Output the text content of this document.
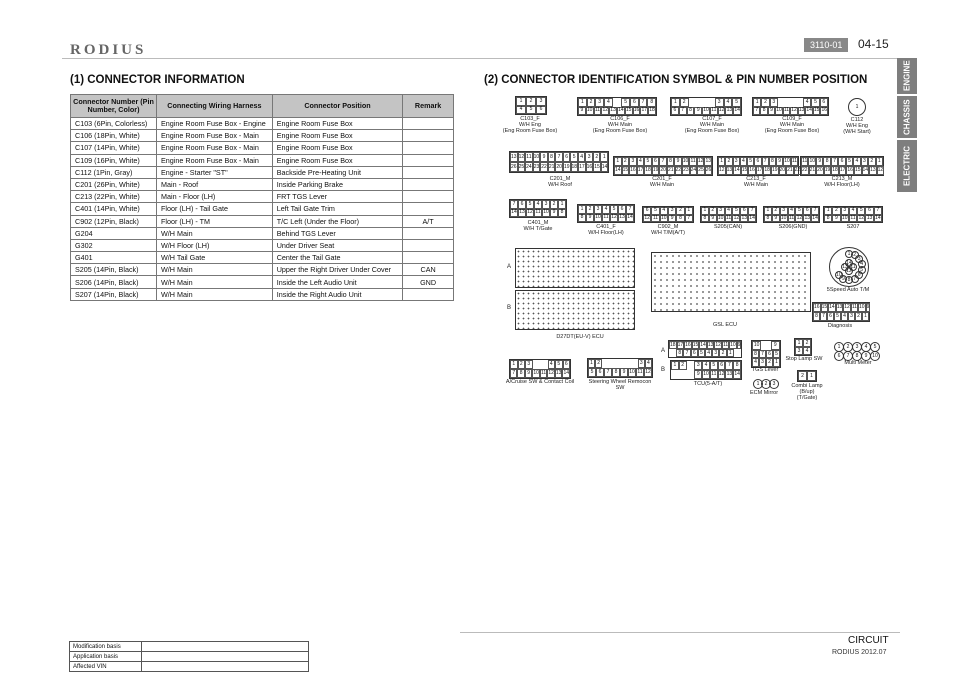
RODIUS	3110-01	04-15
ENGINE
CHASSIS
ELECTRIC
(1) CONNECTOR INFORMATION	(2) CONNECTOR IDENTIFICATION SYMBOL & PIN NUMBER POSITION
Connector Number (Pin Number, Color)	Connecting Wiring Harness	Connector Position	Remark
C103 (6Pin, Colorless)	Engine Room Fuse Box - Engine	Engine Room Fuse Box	
C106 (18Pin, White)	Engine Room Fuse Box - Main	Engine Room Fuse Box	
C107 (14Pin, White)	Engine Room Fuse Box - Main	Engine Room Fuse Box	
C109 (16Pin, White)	Engine Room Fuse Box - Main	Engine Room Fuse Box	
C112 (1Pin, Gray)	Engine - Starter "ST"	Backside Pre-Heating Unit	
C201 (26Pin, White)	Main - Roof	Inside Parking Brake	
C213 (22Pin, White)	Main - Floor (LH)	FRT TGS Lever	
C401 (14Pin, White)	Floor (LH) - Tail Gate	Left Tail Gate Trim	
C902 (12Pin, Black)	Floor (LH) - TM	T/C Left (Under the Floor)	A/T
G204	W/H Main	Behind TGS Lever	
G302	W/H Floor (LH)	Under Driver Seat	
G401	W/H Tail Gate	Center the Tail Gate	
S205 (14Pin, Black)	W/H Main	Upper the Right Driver Under Cover	CAN
S206 (14Pin, Black)	W/H Main	Inside the Left Audio Unit	GND
S207 (14Pin, Black)	W/H Main	Inside the Right Audio Unit	
1	2	3
4	5	6
C103_F
W/H Eng
(Eng Room Fuse Box)
1	2	3	4	5	6	7	8
9 10 11 12 13 14 15 16 17 18
C106_F
W/H Main
(Eng Room Fuse Box)
1	2	3	4	5
6	7	8	9 10 11 12 13 14
C107_F
W/H Main
(Eng Room Fuse Box)
1	2	3	4	5	6
7 8 9 10 11 12 13 14 15 16
C109_F
W/H Main
(Eng Room Fuse Box)
1
C112
W/H Eng
(W/H Start)
13 12 11 10 9 8 7 6 5 4 3 2 1
26 25 24 23 22 21 20 19 18 17 16 15 14
C201_M
W/H Roof
1 2 3 4 5 6 7 8 9 10 11 12 13
14 15 16 17 18 19 20 21 22 23 24 25 26
C201_F
W/H Main
1 2 3 4 5 6 7 8 9 10 11
12 13 14 15 16 17 18 19 20 21 22
C213_F
W/H Main
11 10 9 8 7 6 5 4 3 2 1
22 21 20 19 18 17 16 15 14 13 12
C213_M
W/H Floor(LH)
7	6	5	4	3	2	1
14 13 12 11 10 9	8
C401_M
W/H T/Gate
1	2	3	4	5	6	7
8	9 10 11 12 13 14
C401_F
W/H Floor(LH)
6	5	4	3	2	1
12 11 10 9	8	7
C902_M
W/H T/M(A/T)
1	2	3	4	5	6	7
8	9 10 11 12 13 14
S205(CAN)
1	2	3	4	5	6	7
8	9 10 11 12 13 14
S206(GND)
1	2	3	4	5	6	7
8	9 10 11 12 13 14
S207
1 2
3
4
5
6
7
8
9
10
11
12
13
14
5Speed Auto T/M
16 15 14 13 12 11 10 9
8 7 6 5 4 3 2 1
Diagnosis
A
B
D27DT(EU-V) ECU
GSL ECU
1 2 3	4 5 6
7 8 9 10 11 12 13 14
A/Cruise SW & Contact Coil
1 2	3 4
5	6	7	8	9 10 11 12
Steering Wheel Remocon SW
A
B
18 17 16 15 14 13 12 11 10 9
8 7 6 5 4 3 2 1
1	2	3	4	5	6	7	8
9 10 11 12 13 14
TCU(5-A/T)
10	9
8 7 6 5
4 3 2 1
TGS Lever
1	2	3
ECM Mirror
1	2
3	4
Stop Lamp SW
2	1
Combi Lamp
(B/up)
(T/Gate)
1	2	3	4	5
6	7	8	9 10
Multi Meter
Modification basis	
Application basis	
Affected VIN	
CIRCUIT
RODIUS 2012.07
